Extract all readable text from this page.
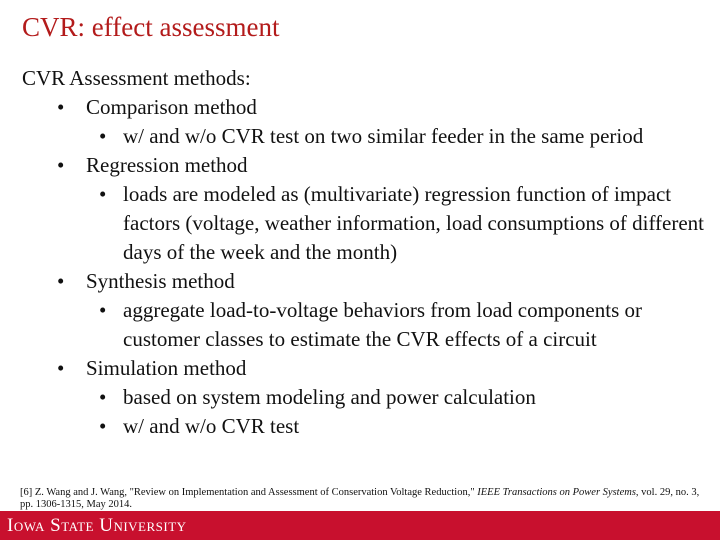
CVR: effect assessment
CVR Assessment methods:
• Comparison method
• w/ and w/o CVR test on two similar feeder in the same period
• Regression method
• loads are modeled as (multivariate) regression function of impact factors (voltage, weather information, load consumptions of different days of the week and the month)
• Synthesis method
• aggregate load-to-voltage behaviors from load components or customer classes to estimate the CVR effects of a circuit
• Simulation method
• based on system modeling and power calculation
• w/ and w/o CVR test
[6] Z. Wang and J. Wang, "Review on Implementation and Assessment of Conservation Voltage Reduction," IEEE Transactions on Power Systems, vol. 29, no. 3, pp. 1306-1315, May 2014.
Iowa State University
